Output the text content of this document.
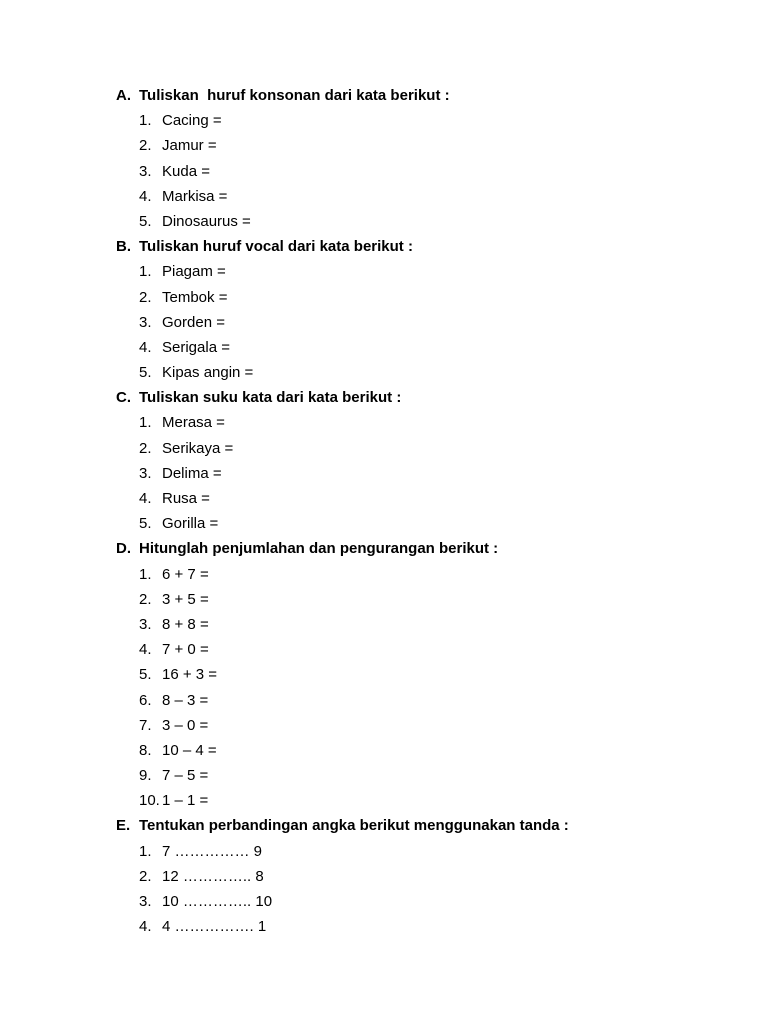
A. Tuliskan  huruf konsonan dari kata berikut :
1. Cacing =
2. Jamur =
3. Kuda =
4. Markisa =
5. Dinosaurus =
B. Tuliskan huruf vocal dari kata berikut :
1. Piagam =
2. Tembok =
3. Gorden =
4. Serigala =
5. Kipas angin =
C. Tuliskan suku kata dari kata berikut :
1. Merasa =
2. Serikaya =
3. Delima =
4. Rusa =
5. Gorilla =
D. Hitunglah penjumlahan dan pengurangan berikut :
1. 6 + 7 =
2. 3 + 5 =
3. 8 + 8 =
4. 7 + 0 =
5. 16 + 3 =
6. 8 – 3 =
7. 3 – 0 =
8. 10 – 4 =
9. 7 – 5 =
10. 1 – 1 =
E. Tentukan perbandingan angka berikut menggunakan tanda :
1. 7 …………… 9
2. 12 ………….. 8
3. 10 ………….. 10
4. 4 ……………. 1
